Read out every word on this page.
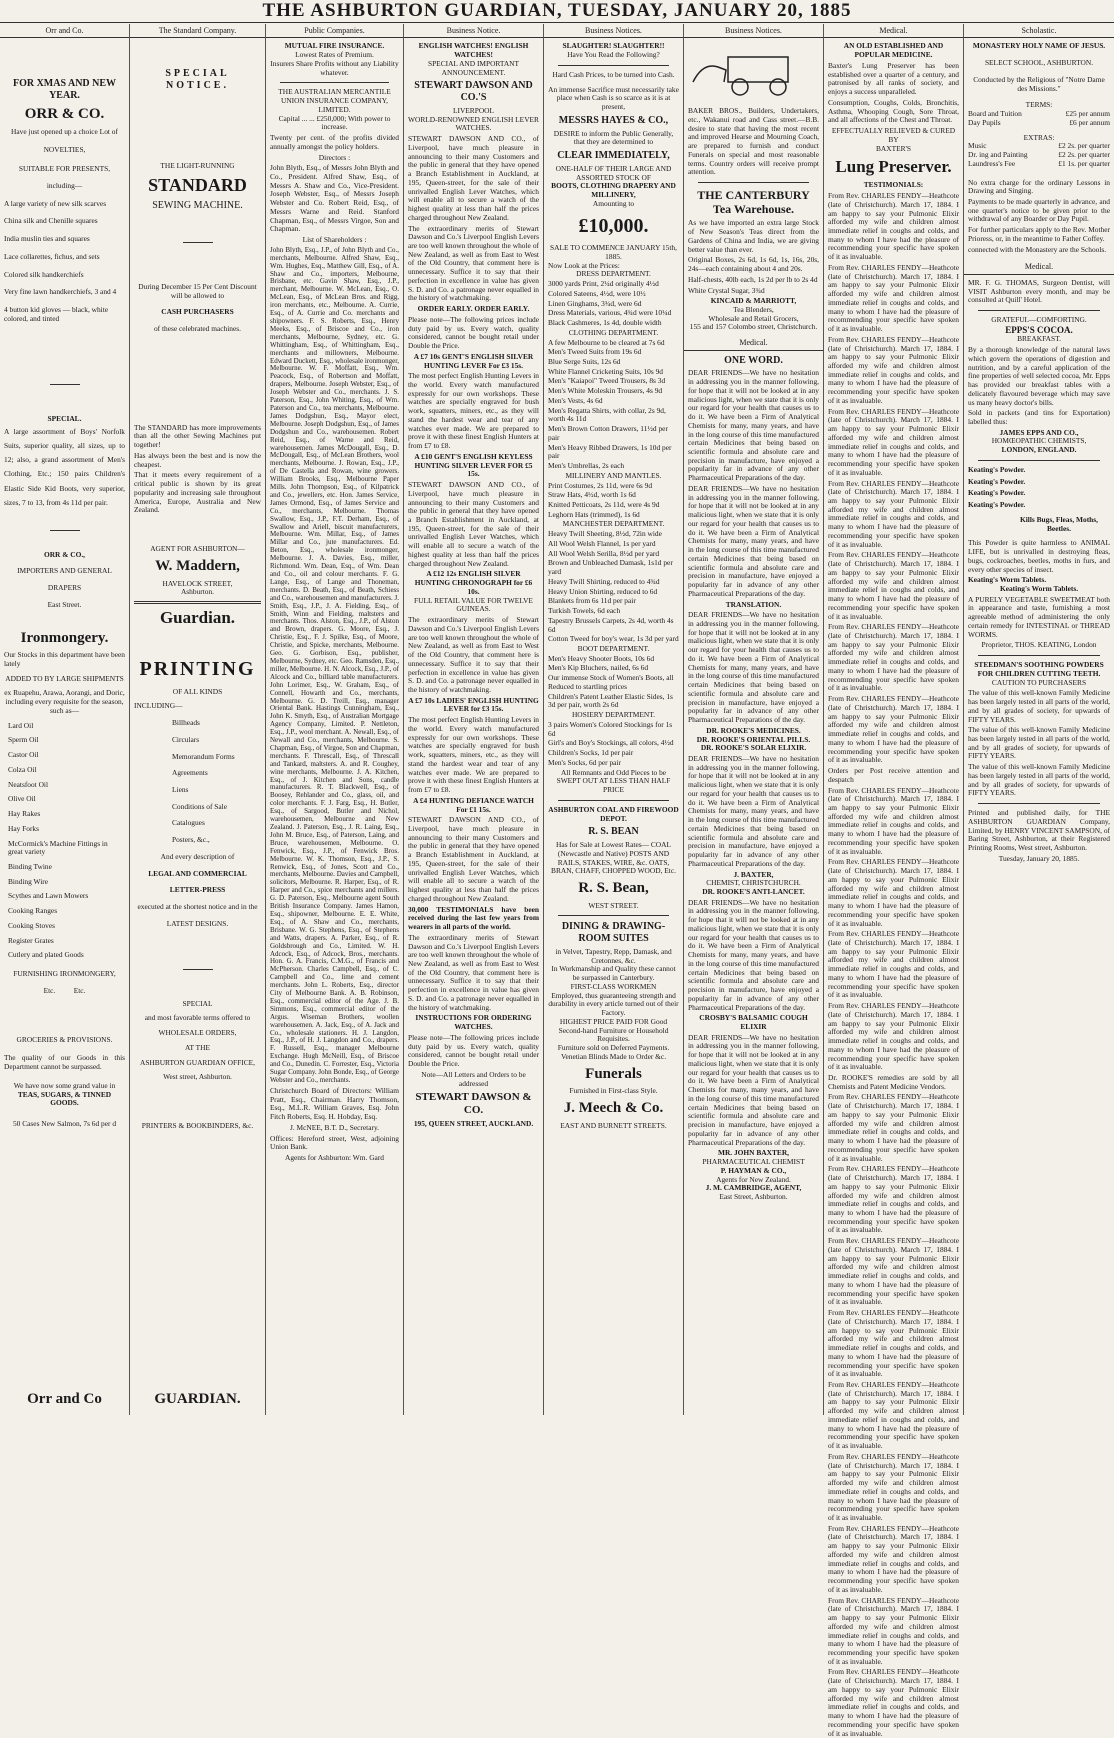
THE ASHBURTON GUARDIAN, TUESDAY, JANUARY 20, 1885
Orr and Co.
FOR XMAS AND NEW YEAR.
ORR & CO.
Have just opened up a choice Lot of
NOVELTIES,
SUITABLE FOR PRESENTS,
including—
A large variety of new silk scarves
China silk and Chenille squares
India muslin ties and squares
Lace collarettes, fichus, and sets
Colored silk handkerchiefs
Very fine lawn handkerchiefs, 3 and 4
4 button kid gloves — black, white colored, and tinted
SPECIAL.

A large assortment of Boys' Norfolk Suits, superior quality, all sizes, up to 12; also, a grand assortment of Men's Clothing, Etc.; 150 pairs Children's Elastic Side Kid Boots, very superior, sizes, 7 to 13, from 4s 11d per pair.

ORR & CO.,
IMPORTERS AND GENERAL
DRAPERS
East Street.
Ironmongery.

Our Stocks in this department have been lately

ADDED TO BY LARGE SHIPMENTS
ex Ruapehu, Arawa, Aorangi, and Doric, including every requisite for the season, such as—
Lard Oil
Sperm Oil
Castor Oil
Colza Oil
Neatsfoot Oil
Olive Oil
Hay Rakes
Hay Forks
McCormick's Machine Fittings in great variety
Binding Twine
Binding Wire
Scythes and Lawn Mowers
Cooking Ranges
Cooking Stoves
Register Grates
Cutlery and plated Goods
FURNISHING IRONMONGERY,
Etc.          Etc.
GROCERIES & PROVISIONS.

The quality of our Goods in this Department cannot be surpassed.

We have now some grand value in
TEAS, SUGARS, & TINNED GOODS.
50 Cases New Salmon, 7s 6d per d
Orr and Co
The Standard Company.
SPECIAL NOTICE.
THE LIGHT-RUNNING
STANDARD
SEWING MACHINE.
During December 15 Per Cent Discount will be allowed to
CASH PURCHASERS
of these celebrated machines.

The STANDARD has more improvements than all the other Sewing Machines put together!

Has always been the best and is now the cheapest.

That it meets every requirement of a critical public is shown by its great popularity and increasing sale throughout America, Europe, Australia and New Zealand.

AGENT FOR ASHBURTON—
W. Maddern,
HAVELOCK STREET,
Ashburton.
Guardian.
PRINTING
OF ALL KINDS
INCLUDING—
Billheads
Circulars
Memorandum Forms
Agreements
Liens
Conditions of Sale
Catalogues
Posters, &c.,
And every description of
LEGAL AND COMMERCIAL
LETTER-PRESS
executed at the shortest notice and in the
LATEST DESIGNS.
SPECIAL
and most favorable terms offered to
WHOLESALE ORDERS,
AT THE
ASHBURTON GUARDIAN OFFICE,
West street, Ashburton.
PRINTERS & BOOKBINDERS, &c.
GUARDIAN.
Public Companies.
MUTUAL FIRE INSURANCE.
Lowest Rates of Premium.
Insurers Share Profits without any Liability whatever.
THE AUSTRALIAN MERCANTILE UNION INSURANCE COMPANY, LIMITED.
Capital ... ... £250,000; With power to increase.

Twenty per cent. of the profits divided annually amongst the policy holders.

Directors :

John Blyth, Esq., of Messrs John Blyth and Co., President. Alfred Shaw, Esq., of Messrs A. Shaw and Co., Vice-President. Joseph Webster, Esq., of Messrs Joseph Webster and Co. Robert Reid, Esq., of Messrs Warne and Reid. Stanford Chapman, Esq., of Messrs Virgoe, Son and Chapman.

List of Shareholders :

John Blyth, Esq., J.P., of John Blyth and Co., merchants, Melbourne. Alfred Shaw, Esq., Wm. Hughes, Esq., Matthew Gill, Esq., of A. Shaw and Co., importers, Melbourne, Brisbane, etc. Gavin Shaw, Esq., J.P., merchant, Melbourne. W. McLean, Esq., O. McLean, Esq., of McLean Bros. and Rigg, iron merchants, etc., Melbourne. A. Currie, Esq., of A. Currie and Co. merchants and shipowners. F. S. Roberts, Esq., Henry Meeks, Esq., of Briscoe and Co., iron merchants, Melbourne, Sydney, etc. G. Whittingham, Esq., of Whittingham, Esq., merchants and millowners, Melbourne. Edward Duckett, Esq., wholesale ironmonger, Melbourne. W. F. Moffatt, Esq., Wm. Peacock, Esq., of Robertson and Moffatt, drapers, Melbourne. Joseph Webster, Esq., of Joseph Webster and Co., merchants. J. S. Paterson, Esq., John Whiting, Esq., of Wm. Paterson and Co., tea merchants, Melbourne. James Dodgshun, Esq., Mayor elect, Melbourne. Joseph Dodgshun, Esq., of James Dodgshun and Co., warehousemen. Robert Reid, Esq., of Warne and Reid, warehousemen. James McDougall, Esq., D. McDougall, Esq., of McLean Brothers, wool merchants, Melbourne. J. Rowan, Esq., J.P., of De Castella and Rowan, wine growers. William Brooks, Esq., Melbourne Paper Mills. John Thompson, Esq., of Kilpatrick and Co., jewellers, etc. Hon. James Service, James Ormond, Esq., of James Service and Co., merchants, Melbourne. Thomas Swallow, Esq., J.P., F.T. Derham, Esq., of Swallow and Ariell, biscuit manufacturers, Melbourne. Wm. Millar, Esq., of James Millar and Co., jute manufacturers. Ed. Beton, Esq., wholesale ironmonger, Melbourne. J. A. Davies, Esq., miller, Richmond. Wm. Dean, Esq., of Wm. Dean and Co., oil and colour merchants. F. G. Lange, Esq., of Lange and Thoneman, merchants. D. Beath, Esq., of Beath, Schiess and Co., warehousemen and manufacturers. J. Smith, Esq., J.P., J. A. Fielding, Esq., of Smith, Winn and Fielding, maltsters and merchants. Thos. Alston, Esq., J.P., of Alston and Brown, drapers. G. Moore, Esq., J. Christie, Esq., F. J. Spilke, Esq., of Moore, Christie, and Spicke, merchants, Melbourne. Geo. G. Gorbison, Esq., publisher, Melbourne, Sydney, etc. Geo. Ramsden, Esq., miller, Melbourne. H. N. Alcock, Esq., J.P., of Alcock and Co., billiard table manufacturers. John Lorimer, Esq., W. Graham, Esq., of Connell, Howarth and Co., merchants, Melbourne. G. D. Treill, Esq., manager Oriental Bank. Hastings Cunningham, Esq., John K. Smyth, Esq., of Australian Mortgage Agency Company, Limited. P. Nettleton, Esq., J.P., wool merchant. A. Newall, Esq., of Newall and Co., merchants, Melbourne. S. Chapman, Esq., of Virgoe, Son and Chapman, merchants. F. Threscall, Esq., of Threscall and Tankard, maltsters. A. and R. Coughey, wine merchants, Melbourne. J. A. Kitchen, Esq., of J. Kitchen and Sons, candle manufacturers. R. T. Blackwell, Esq., of Boosey, Rehlander and Co., glass, oil, and color merchants. F. J. Farg, Esq., H. Butler, Esq., of Sargood, Butler and Nichol, warehousemen, Melbourne and New Zealand. J. Paterson, Esq., J. R. Laing, Esq., John M. Bruce, Esq., of Paterson, Laing, and Bruce, warehousemen, Melbourne. O. Fenwick, Esq., J.P., of Fenwick Bros. Melbourne. W. K. Thomson, Esq., J.P., S. Renwick, Esq., of Jones, Scott and Co., merchants, Melbourne. Davies and Campbell, solicitors, Melbourne. R. Harper, Esq., of R. Harper and Co., spice merchants and millers. G. D. Paterson, Esq., Melbourne agent South British Insurance Company. James Hamon, Esq., shipowner, Melbourne. E. E. White, Esq., of A. Shaw and Co., merchants, Brisbane. W. G. Stephens, Esq., of Stephens and Watts, drapers. A. Parker, Esq., of R. Goldsbrough and Co., Limited. W. H. Adcock, Esq., of Adcock, Bros., merchants. Hon. G. A. Francis, C.M.G., of Francis and McPherson. Charles Campbell, Esq., of C. Campbell and Co., lime and cement merchants. John L. Roberts, Esq., director City of Melbourne Bank. A. B. Robinson, Esq., commercial editor of the Age. J. B. Simmons, Esq., commercial editor of the Argus. Wiseman Brothers, woollen warehousemen. A. Jack, Esq., of A. Jack and Co., wholesale stationers. H. J. Langdon, Esq., J.P., of H. J. Langdon and Co., drapers. F. Russell, Esq., manager Melbourne Exchange. Hugh McNeill, Esq., of Briscoe and Co., Dunedin. C. Forrester, Esq., Victoria Sugar Company. John Bonde, Esq., of George Webster and Co., merchants.

Christchurch Board of Directors: William Pratt, Esq., Chairman. Harry Thomson, Esq., M.L.R. William Graves, Esq. John Fitch Roberts, Esq. H. Hobday, Esq.

J. McNEE, B.T. D., Secretary.

Offices: Hereford street, West, adjoining Union Bank.

Agents for Ashburton: Wm. Gard
Business Notice.
ENGLISH WATCHES! ENGLISH WATCHES!
SPECIAL AND IMPORTANT ANNOUNCEMENT.
STEWART DAWSON AND CO.'S
LIVERPOOL
WORLD-RENOWNED ENGLISH LEVER WATCHES.

STEWART DAWSON AND CO., of Liverpool, have much pleasure in announcing to their many Customers and the public in general that they have opened a Branch Establishment in Auckland, at 195, Queen-street, for the sale of their unrivalled English Lever Watches, which will enable all to secure a watch of the highest quality at less than half the prices charged throughout New Zealand.

The extraordinary merits of Stewart Dawson and Co.'s Liverpool English Levers are too well known throughout the whole of New Zealand, as well as from East to West of the Old Country, that comment here is unnecessary. Suffice it to say that their perfection in excellence in value has given S. D. and Co. a patronage never equalled in the history of watchmaking.

ORDER EARLY. ORDER EARLY.

Please note—The following prices include duty paid by us. Every watch, quality considered, cannot be bought retail under Double the Price.

A £7 10s GENT'S ENGLISH SILVER HUNTING LEVER For £3 15s.

The most perfect English Hunting Levers in the world. Every watch manufactured expressly for our own workshops. These watches are specially engraved for bush work, squatters, miners, etc., as they will stand the hardest wear and tear of any watches ever made. We are prepared to prove it with these finest English Hunters at from £7 to £8.

A £10 GENT'S ENGLISH KEYLESS HUNTING SILVER LEVER FOR £5 15s.

STEWART DAWSON AND CO., of Liverpool, have much pleasure in announcing to their many Customers and the public in general that they have opened a Branch Establishment in Auckland, at 195, Queen-street, for the sale of their unrivalled English Lever Watches, which will enable all to secure a watch of the highest quality at less than half the prices charged throughout New Zealand.

A £12 12s ENGLISH SILVER HUNTING CHRONOGRAPH for £6 10s.
FULL RETAIL VALUE FOR TWELVE GUINEAS.

The extraordinary merits of Stewart Dawson and Co.'s Liverpool English Levers are too well known throughout the whole of New Zealand, as well as from East to West of the Old Country, that comment here is unnecessary. Suffice it to say that their perfection in excellence in value has given S. D. and Co. a patronage never equalled in the history of watchmaking.

A £7 10s LADIES' ENGLISH HUNTING LEVER for £3 15s.

The most perfect English Hunting Levers in the world. Every watch manufactured expressly for our own workshops. These watches are specially engraved for bush work, squatters, miners, etc., as they will stand the hardest wear and tear of any watches ever made. We are prepared to prove it with these finest English Hunters at from £7 to £8.

A £4 HUNTING DEFIANCE WATCH For £1 15s.

STEWART DAWSON AND CO., of Liverpool, have much pleasure in announcing to their many Customers and the public in general that they have opened a Branch Establishment in Auckland, at 195, Queen-street, for the sale of their unrivalled English Lever Watches, which will enable all to secure a watch of the highest quality at less than half the prices charged throughout New Zealand.

30,000 TESTIMONIALS have been received during the last few years from wearers in all parts of the world.

The extraordinary merits of Stewart Dawson and Co.'s Liverpool English Levers are too well known throughout the whole of New Zealand, as well as from East to West of the Old Country, that comment here is unnecessary. Suffice it to say that their perfection in excellence in value has given S. D. and Co. a patronage never equalled in the history of watchmaking.

INSTRUCTIONS FOR ORDERING WATCHES.

Please note—The following prices include duty paid by us. Every watch, quality considered, cannot be bought retail under Double the Price.

Note—All Letters and Orders to be addressed
STEWART DAWSON & CO.
195, QUEEN STREET, AUCKLAND.
Business Notices.
SLAUGHTER! SLAUGHTER!!
Have You Read the Following?
Hard Cash Prices, to be turned into Cash.
An immense Sacrifice must necessarily take place when Cash is so scarce as it is at present,
MESSRS HAYES & CO.,
DESIRE to inform the Public Generally, that they are determined to
CLEAR IMMEDIATELY,
ONE-HALF OF THEIR LARGE AND ASSORTED STOCK OF
BOOTS, CLOTHING DRAPERY AND MILLINERY,
Amounting to
£10,000.
SALE TO COMMENCE JANUARY 15th, 1885.
Now Look at the Prices:
DRESS DEPARTMENT.
3000 yards Print, 2¼d originally 4½d
Colored Sateens, 4½d, were 10½
Linen Ginghams, 3¾d, were 6d
Dress Materials, various, 4¾d were 10¼d
Black Cashmeres, 1s 4d, double width
CLOTHING DEPARTMENT.
A few Melbourne to be cleared at 7s 6d
Men's Tweed Suits from 19s 6d
Blue Serge Suits, 12s 6d
White Flannel Cricketing Suits, 10s 9d
Men's "Kaiapoi" Tweed Trousers, 8s 3d
Men's White Moleskin Trousers, 4s 9d
Men's Vests, 4s 6d
Men's Regatta Shirts, with collar, 2s 9d, worth 4s 11d
Men's Brown Cotton Drawers, 11½d per pair
Men's Heavy Ribbed Drawers, 1s 10d per pair
Men's Umbrellas, 2s each
MILLINERY AND MANTLES.
Print Costumes, 2s 11d, were 6s 9d
Straw Hats, 4½d, worth 1s 6d
Knitted Petticoats, 2s 11d, were 4s 9d
Leghorn Hats (trimmed), 1s 6d
MANCHESTER DEPARTMENT.
Heavy Twill Sheeting, 8½d, 72in wide
All Wool Welsh Flannel, 1s per yard
All Wool Welsh Serilla, 8½d per yard
Brown and Unbleached Damask, 1s1d per yard
Heavy Twill Shirting, reduced to 4¾d
Heavy Union Shirting, reduced to 6d
Blankets from 6s 11d per pair
Turkish Towels, 6d each
Tapestry Brussels Carpets, 2s 4d, worth 4s 6d
Cotton Tweed for boy's wear, 1s 3d per yard
BOOT DEPARTMENT.
Men's Heavy Shooter Boots, 10s 6d
Men's Kip Bluchers, nailed, 6s 6d
Our immense Stock of Women's Boots, all Reduced to startling prices
Children's Patent Leather Elastic Sides, 1s 3d per pair, worth 2s 6d
HOSIERY DEPARTMENT.
3 pairs Women's Colored Stockings for 1s 6d
Girl's and Boy's Stockings, all colors, 4½d
Children's Socks, 1d per pair
Men's Socks, 6d per pair
All Remnants and Odd Pieces to be SWEPT OUT AT LESS THAN HALF PRICE
ASHBURTON COAL AND FIREWOOD DEPOT.
R. S. BEAN
Has for Sale at Lowest Rates— COAL (Newcastle and Native) POSTS AND RAILS, STAKES, WIRE, &c. OATS, BRAN, CHAFF, CHOPPED WOOD, Etc.
R. S. Bean,
WEST STREET.
DINING & DRAWING-ROOM SUITES
in Velvet, Tapestry, Repp, Damask, and Cretonnes, &c.
In Workmanship and Quality these cannot be surpassed in Canterbury.
FIRST-CLASS WORKMEN
Employed, thus guaranteeing strength and durability in every article turned out of their Factory.
HIGHEST PRICE PAID FOR Good Second-hand Furniture or Household Requisites.
Furniture sold on Deferred Payments.
Venetian Blinds Made to Order &c.
Funerals
Furnished in First-class Style.
J. Meech & Co.
EAST AND BURNETT STREETS.
Business Notices.

BAKER BROS., Builders, Undertakers, etc., Wakanui road and Cass street.—B.B. desire to state that having the most recent and improved Hearse and Mourning Coach, are prepared to furnish and conduct Funerals on special and most reasonable terms. Country orders will receive prompt attention.

THE CANTERBURY Tea Warehouse.

As we have imported an extra large Stock of New Season's Teas direct from the Gardens of China and India, we are giving better value than ever.

Original Boxes, 2s 6d, 1s 6d, 1s, 16s, 20s, 24s—each containing about 4 and 20s.

Half-chests, 40lb each, 1s 2d per lb to 2s 4d

White Crystal Sugar, 3¾d

KINCAID & MARRIOTT,
Tea Blenders,
Wholesale and Retail Grocers,
155 and 157 Colombo street, Christchurch.
Medical.
ONE WORD.

DEAR FRIENDS—We have no hesitation in addressing you in the manner following, for hope that it will not be looked at in any malicious light, when we state that it is only our regard for your health that causes us to do it. We have been a Firm of Analytical Chemists for many, many years, and have in the long course of this time manufactured certain Medicines that being based on scientific formula and absolute care and precision in manufacture, have enjoyed a popularity far in advance of any other Pharmaceutical Preparations of the day.

DEAR FRIENDS—We have no hesitation in addressing you in the manner following, for hope that it will not be looked at in any malicious light, when we state that it is only our regard for your health that causes us to do it. We have been a Firm of Analytical Chemists for many, many years, and have in the long course of this time manufactured certain Medicines that being based on scientific formula and absolute care and precision in manufacture, have enjoyed a popularity far in advance of any other Pharmaceutical Preparations of the day.

TRANSLATION.

DEAR FRIENDS—We have no hesitation in addressing you in the manner following, for hope that it will not be looked at in any malicious light, when we state that it is only our regard for your health that causes us to do it. We have been a Firm of Analytical Chemists for many, many years, and have in the long course of this time manufactured certain Medicines that being based on scientific formula and absolute care and precision in manufacture, have enjoyed a popularity far in advance of any other Pharmaceutical Preparations of the day.

DR. ROOKE'S MEDICINES.
DR. ROOKE'S ORIENTAL PILLS.
DR. ROOKE'S SOLAR ELIXIR.

DEAR FRIENDS—We have no hesitation in addressing you in the manner following, for hope that it will not be looked at in any malicious light, when we state that it is only our regard for your health that causes us to do it. We have been a Firm of Analytical Chemists for many, many years, and have in the long course of this time manufactured certain Medicines that being based on scientific formula and absolute care and precision in manufacture, have enjoyed a popularity far in advance of any other Pharmaceutical Preparations of the day.

J. BAXTER,
CHEMIST, CHRISTCHURCH.
DR. ROOKE'S ANTI-LANCET.

DEAR FRIENDS—We have no hesitation in addressing you in the manner following, for hope that it will not be looked at in any malicious light, when we state that it is only our regard for your health that causes us to do it. We have been a Firm of Analytical Chemists for many, many years, and have in the long course of this time manufactured certain Medicines that being based on scientific formula and absolute care and precision in manufacture, have enjoyed a popularity far in advance of any other Pharmaceutical Preparations of the day.

CROSBY'S BALSAMIC COUGH ELIXIR

DEAR FRIENDS—We have no hesitation in addressing you in the manner following, for hope that it will not be looked at in any malicious light, when we state that it is only our regard for your health that causes us to do it. We have been a Firm of Analytical Chemists for many, many years, and have in the long course of this time manufactured certain Medicines that being based on scientific formula and absolute care and precision in manufacture, have enjoyed a popularity far in advance of any other Pharmaceutical Preparations of the day.

MR. JOHN BAXTER,
PHARMACEUTICAL CHEMIST
P. HAYMAN & CO.,
Agents for New Zealand.
J. M. CAMBRIDGE, AGENT,
East Street, Ashburton.
Medical.
AN OLD ESTABLISHED AND POPULAR MEDICINE.

Baxter's Lung Preserver has been established over a quarter of a century, and patronised by all ranks of society, and enjoys a success unparalleled.

Consumption, Coughs, Colds, Bronchitis, Asthma, Whooping Cough, Sore Throat, and all affections of the Chest and Throat.

EFFECTUALLY RELIEVED & CURED
BY
BAXTER'S
Lung Preserver.
TESTIMONIALS:

From Rev. CHARLES FENDY—Heathcote (late of Christchurch). March 17, 1884. I am happy to say your Pulmonic Elixir afforded my wife and children almost immediate relief in coughs and colds, and many to whom I have had the pleasure of recommending your specific have spoken of it as invaluable.

From Rev. CHARLES FENDY—Heathcote (late of Christchurch). March 17, 1884. I am happy to say your Pulmonic Elixir afforded my wife and children almost immediate relief in coughs and colds, and many to whom I have had the pleasure of recommending your specific have spoken of it as invaluable.

From Rev. CHARLES FENDY—Heathcote (late of Christchurch). March 17, 1884. I am happy to say your Pulmonic Elixir afforded my wife and children almost immediate relief in coughs and colds, and many to whom I have had the pleasure of recommending your specific have spoken of it as invaluable.

From Rev. CHARLES FENDY—Heathcote (late of Christchurch). March 17, 1884. I am happy to say your Pulmonic Elixir afforded my wife and children almost immediate relief in coughs and colds, and many to whom I have had the pleasure of recommending your specific have spoken of it as invaluable.

From Rev. CHARLES FENDY—Heathcote (late of Christchurch). March 17, 1884. I am happy to say your Pulmonic Elixir afforded my wife and children almost immediate relief in coughs and colds, and many to whom I have had the pleasure of recommending your specific have spoken of it as invaluable.

From Rev. CHARLES FENDY—Heathcote (late of Christchurch). March 17, 1884. I am happy to say your Pulmonic Elixir afforded my wife and children almost immediate relief in coughs and colds, and many to whom I have had the pleasure of recommending your specific have spoken of it as invaluable.

From Rev. CHARLES FENDY—Heathcote (late of Christchurch). March 17, 1884. I am happy to say your Pulmonic Elixir afforded my wife and children almost immediate relief in coughs and colds, and many to whom I have had the pleasure of recommending your specific have spoken of it as invaluable.

From Rev. CHARLES FENDY—Heathcote (late of Christchurch). March 17, 1884. I am happy to say your Pulmonic Elixir afforded my wife and children almost immediate relief in coughs and colds, and many to whom I have had the pleasure of recommending your specific have spoken of it as invaluable.

Orders per Post receive attention and despatch

From Rev. CHARLES FENDY—Heathcote (late of Christchurch). March 17, 1884. I am happy to say your Pulmonic Elixir afforded my wife and children almost immediate relief in coughs and colds, and many to whom I have had the pleasure of recommending your specific have spoken of it as invaluable.

From Rev. CHARLES FENDY—Heathcote (late of Christchurch). March 17, 1884. I am happy to say your Pulmonic Elixir afforded my wife and children almost immediate relief in coughs and colds, and many to whom I have had the pleasure of recommending your specific have spoken of it as invaluable.

From Rev. CHARLES FENDY—Heathcote (late of Christchurch). March 17, 1884. I am happy to say your Pulmonic Elixir afforded my wife and children almost immediate relief in coughs and colds, and many to whom I have had the pleasure of recommending your specific have spoken of it as invaluable.

From Rev. CHARLES FENDY—Heathcote (late of Christchurch). March 17, 1884. I am happy to say your Pulmonic Elixir afforded my wife and children almost immediate relief in coughs and colds, and many to whom I have had the pleasure of recommending your specific have spoken of it as invaluable.

Dr. ROOKE'S remedies are sold by all Chemists and Patent Medicine Vendors.

From Rev. CHARLES FENDY—Heathcote (late of Christchurch). March 17, 1884. I am happy to say your Pulmonic Elixir afforded my wife and children almost immediate relief in coughs and colds, and many to whom I have had the pleasure of recommending your specific have spoken of it as invaluable.

From Rev. CHARLES FENDY—Heathcote (late of Christchurch). March 17, 1884. I am happy to say your Pulmonic Elixir afforded my wife and children almost immediate relief in coughs and colds, and many to whom I have had the pleasure of recommending your specific have spoken of it as invaluable.

From Rev. CHARLES FENDY—Heathcote (late of Christchurch). March 17, 1884. I am happy to say your Pulmonic Elixir afforded my wife and children almost immediate relief in coughs and colds, and many to whom I have had the pleasure of recommending your specific have spoken of it as invaluable.

From Rev. CHARLES FENDY—Heathcote (late of Christchurch). March 17, 1884. I am happy to say your Pulmonic Elixir afforded my wife and children almost immediate relief in coughs and colds, and many to whom I have had the pleasure of recommending your specific have spoken of it as invaluable.

From Rev. CHARLES FENDY—Heathcote (late of Christchurch). March 17, 1884. I am happy to say your Pulmonic Elixir afforded my wife and children almost immediate relief in coughs and colds, and many to whom I have had the pleasure of recommending your specific have spoken of it as invaluable.

From Rev. CHARLES FENDY—Heathcote (late of Christchurch). March 17, 1884. I am happy to say your Pulmonic Elixir afforded my wife and children almost immediate relief in coughs and colds, and many to whom I have had the pleasure of recommending your specific have spoken of it as invaluable.

From Rev. CHARLES FENDY—Heathcote (late of Christchurch). March 17, 1884. I am happy to say your Pulmonic Elixir afforded my wife and children almost immediate relief in coughs and colds, and many to whom I have had the pleasure of recommending your specific have spoken of it as invaluable.

From Rev. CHARLES FENDY—Heathcote (late of Christchurch). March 17, 1884. I am happy to say your Pulmonic Elixir afforded my wife and children almost immediate relief in coughs and colds, and many to whom I have had the pleasure of recommending your specific have spoken of it as invaluable.

From Rev. CHARLES FENDY—Heathcote (late of Christchurch). March 17, 1884. I am happy to say your Pulmonic Elixir afforded my wife and children almost immediate relief in coughs and colds, and many to whom I have had the pleasure of recommending your specific have spoken of it as invaluable.

Scholastic.
MONASTERY HOLY NAME OF JESUS.
SELECT SCHOOL, ASHBURTON.
Conducted by the Religious of "Notre Dame des Missions."
TERMS:
Board and Tuition	£25 per annum
Day Pupils	£6 per annum
EXTRAS:
Music	£2 2s. per quarter
Dr. ing and Painting	£2 2s. per quarter
Laundress's Fee	£1 1s. per quarter

No extra charge for the ordinary Lessons in Drawing and Singing.

Payments to be made quarterly in advance, and one quarter's notice to be given prior to the withdrawal of any Boarder or Day Pupil.

For further particulars apply to the Rev. Mother Prioress, or, in the meantime to Father Coffey.

connected with the Monastery are the Schools.

Medical.

MR. F. G. THOMAS, Surgeon Dentist, will VISIT Ashburton every month, and may be consulted at Quill' Hotel.

GRATEFUL—COMFORTING.
EPPS'S COCOA.
BREAKFAST.

By a thorough knowledge of the natural laws which govern the operations of digestion and nutrition, and by a careful application of the fine properties of well selected cocoa, Mr. Epps has provided our breakfast tables with a delicately flavoured beverage which may save us many heavy doctor's bills.

Sold in packets (and tins for Exportation) labelled thus:

JAMES EPPS AND CO.,
HOMŒOPATHIC CHEMISTS,
LONDON, ENGLAND.
Keating's Powder.
Keating's Powder.
Keating's Powder.
Keating's Powder.
Kills Bugs, Fleas, Moths, Beetles.

This Powder is quite harmless to ANIMAL LIFE, but is unrivalled in destroying fleas, bugs, cockroaches, beetles, moths in furs, and every other species of insect.

Keating's Worm Tablets.
Keating's Worm Tablets.

A PURELY VEGETABLE SWEETMEAT both in appearance and taste, furnishing a most agreeable method of administering the only certain remedy for INTESTINAL or THREAD WORMS.

Proprietor, THOS. KEATING, London
STEEDMAN'S SOOTHING POWDERS FOR CHILDREN CUTTING TEETH.
CAUTION TO PURCHASERS

The value of this well-known Family Medicine has been largely tested in all parts of the world, and by all grades of society, for upwards of FIFTY YEARS.

The value of this well-known Family Medicine has been largely tested in all parts of the world, and by all grades of society, for upwards of FIFTY YEARS.

The value of this well-known Family Medicine has been largely tested in all parts of the world, and by all grades of society, for upwards of FIFTY YEARS.

Printed and published daily, for THE ASHBURTON GUARDIAN Company, Limited, by HENRY VINCENT SAMPSON, of Baring Street, Ashburton, at their Registered Printing Rooms, West street, Ashburton.

Tuesday, January 20, 1885.
